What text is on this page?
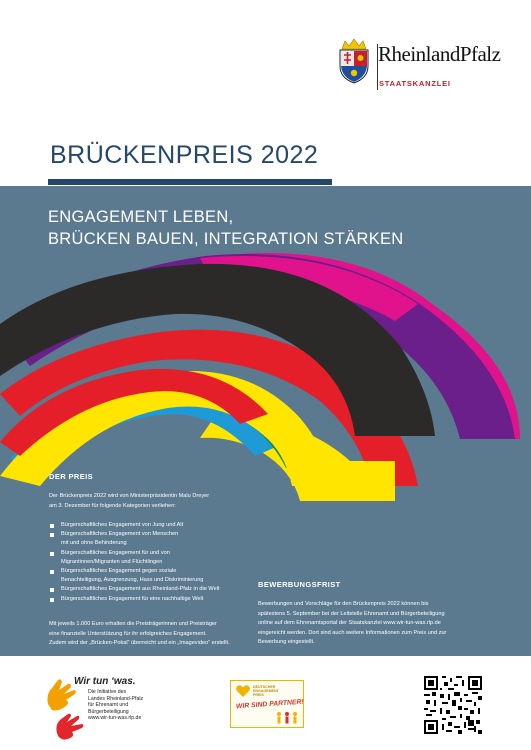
RheinlandPfalz
STAATSKANZLEI
BRÜCKENPREIS 2022
ENGAGEMENT LEBEN,
BRÜCKEN BAUEN, INTEGRATION STÄRKEN
DER PREIS
Der Brückenpreis 2022 wird von Ministerpräsidentin Malu Dreyer
am 3. Dezember für folgende Kategorien verliehen:
Bürgerschaftliches Engagement von Jung und Alt
Bürgerschaftliches Engagement von Menschen
mit und ohne Behinderung
Bürgerschaftliches Engagement für und von
Migrantinnen/Migranten und Flüchtlingen
Bürgerschaftliches Engagement gegen soziale
Benachteiligung, Ausgrenzung, Hass und Diskriminierung
Bürgerschaftliches Engagement aus Rheinland-Pfalz in die Welt
Bürgerschaftliches Engagement für eine nachhaltige Welt
Mit jeweils 1.000 Euro erhalten die Preisträgerinnen und Preisträger
eine finanzielle Unterstützung für ihr erfolgreiches Engagement.
Zudem wird der „Brücken-Pokal“ überreicht und ein „Imagevideo“ erstellt.
BEWERBUNGSFRIST
Bewerbungen und Vorschläge für den Brückenpreis 2022 können bis
spätestens 5. September bei der Leitstelle Ehrenamt und Bürgerbeteiligung
online auf dem Ehrenamtsportal der Staatskanzlei www.wir-tun-was.rlp.de
eingereicht werden. Dort sind auch weitere Informationen zum Preis und zur
Bewerbung eingestellt.
Wir tun ‘was.
Die Initiative des
Landes Rheinland-Pfalz
für Ehrenamt und
Bürgerbeteiligung
www.wir-tun-was.rlp.de
DEUTSCHER
ENGAGEMENT
PREIS
WIR SIND PARTNER!
